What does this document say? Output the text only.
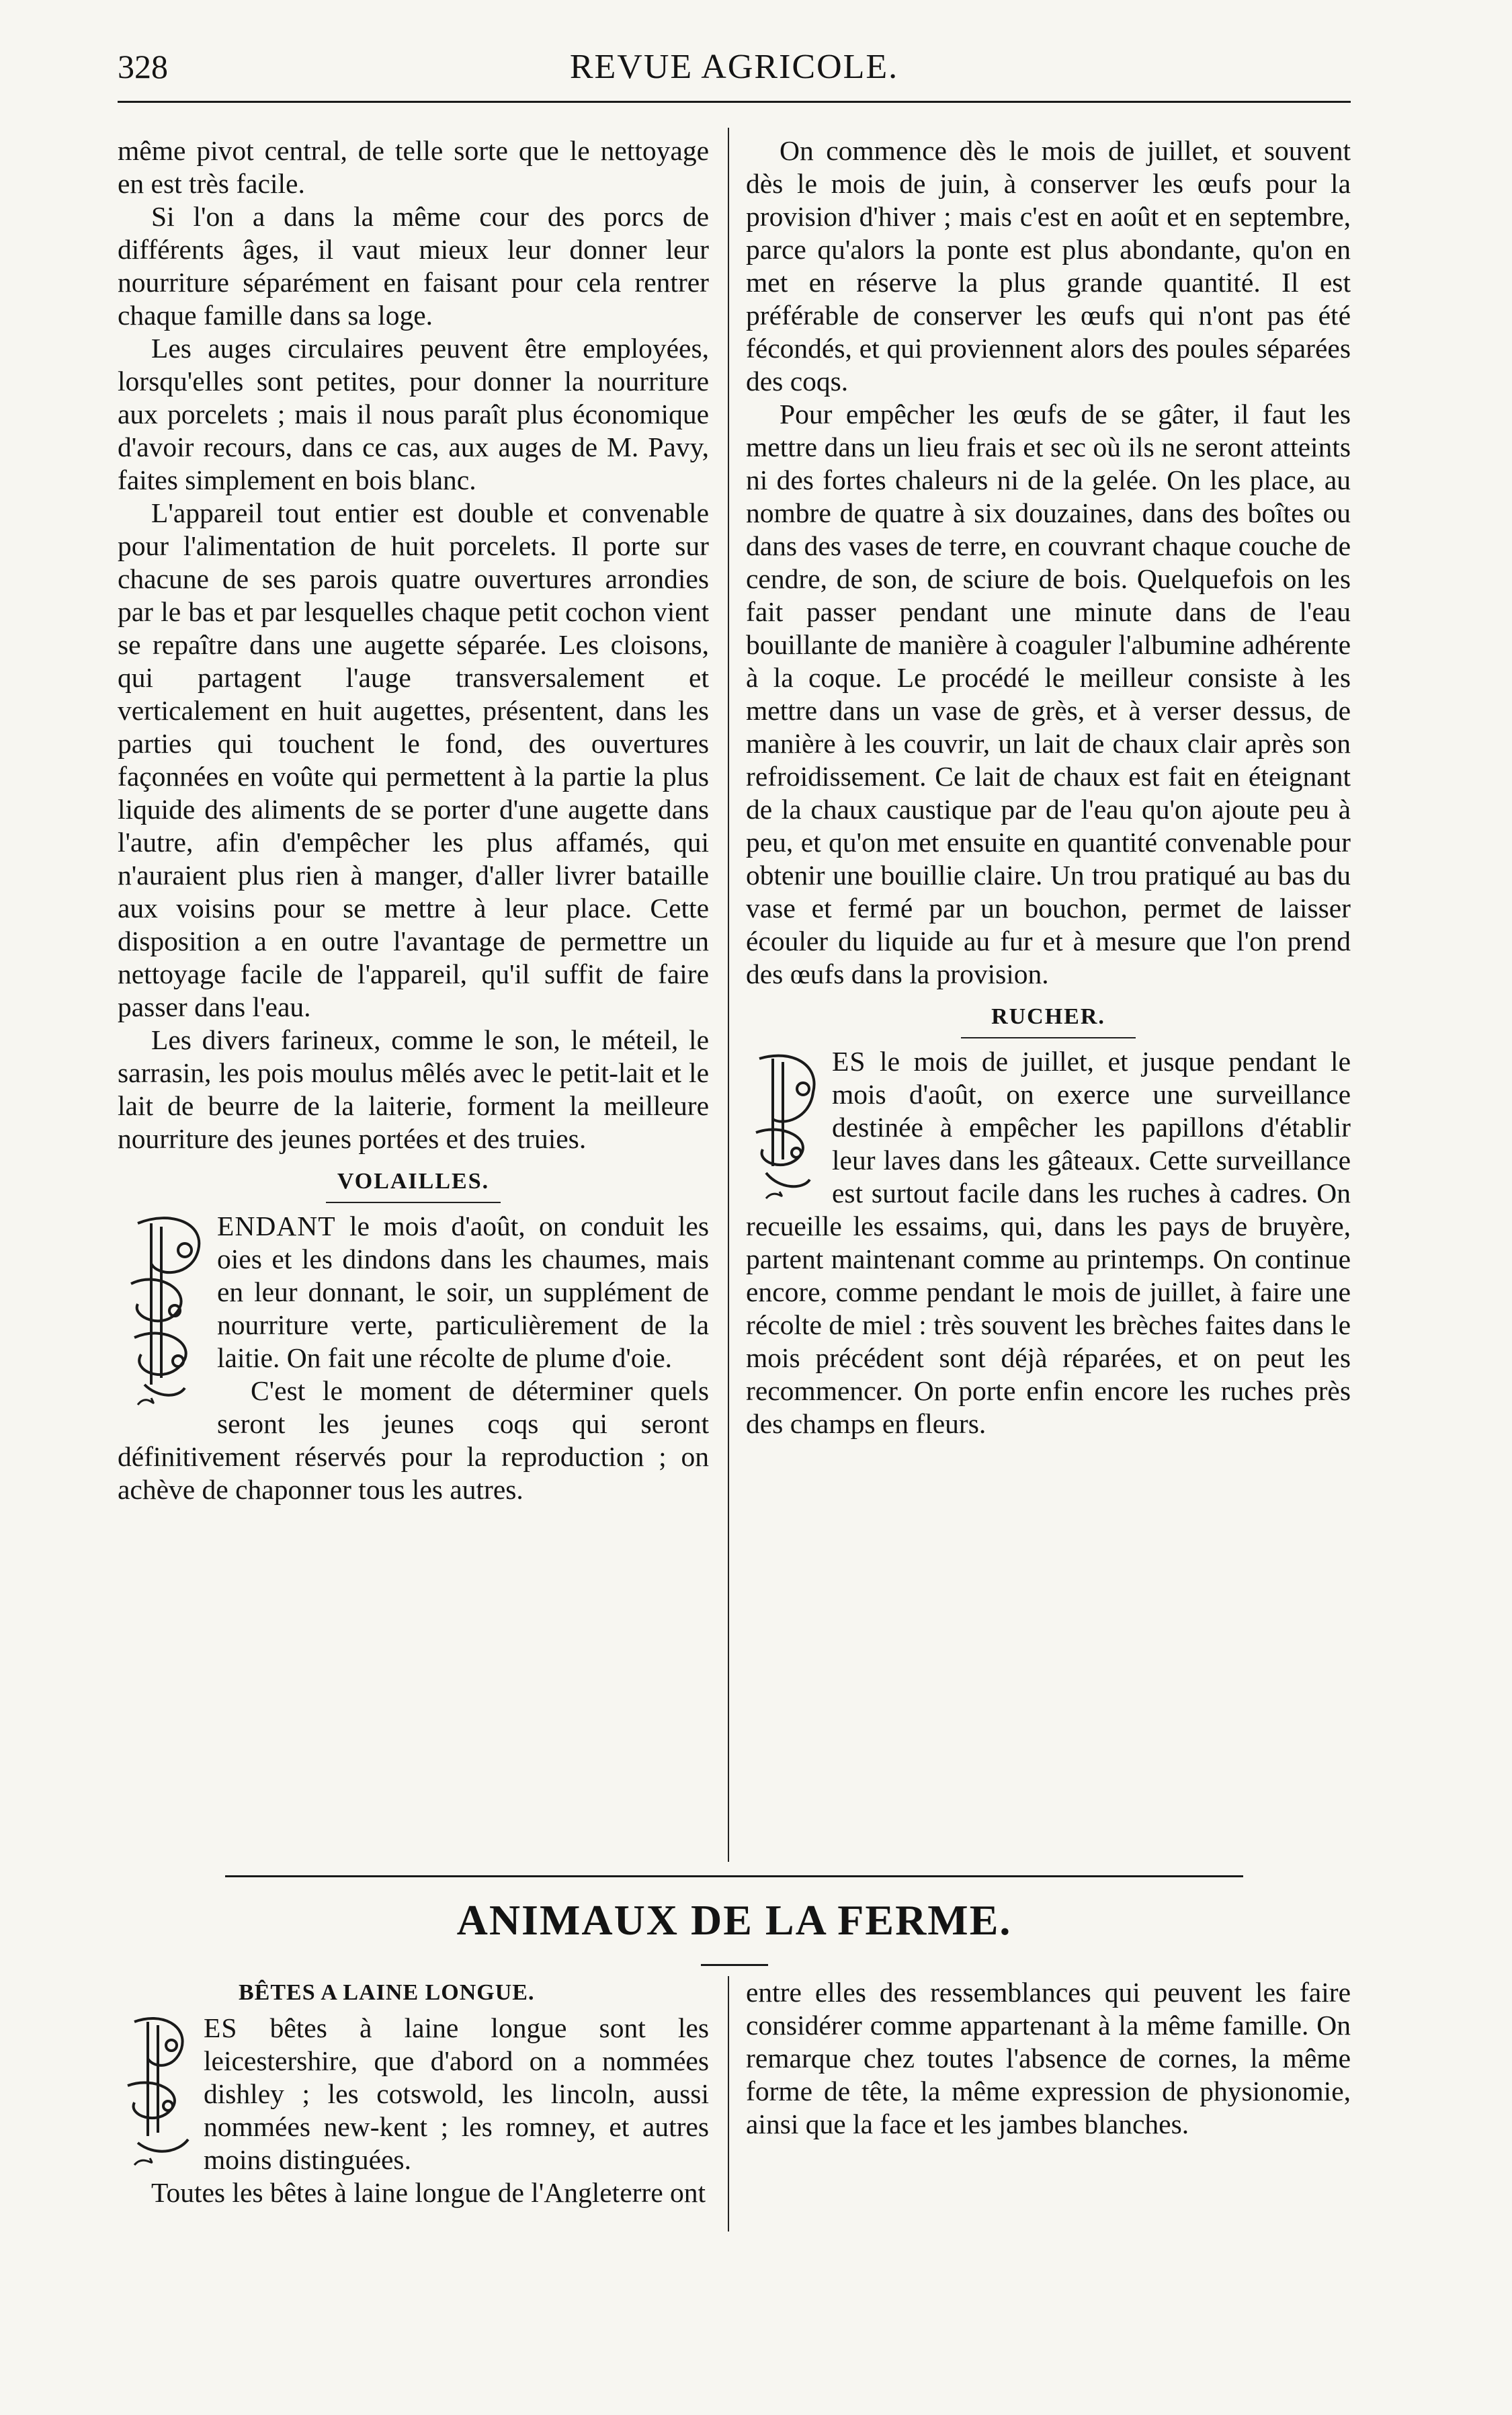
328	REVUE AGRICOLE.

même pivot central, de telle sorte que le nettoyage en est très facile.

Si l'on a dans la même cour des porcs de différents âges, il vaut mieux leur donner leur nourriture séparément en faisant pour cela rentrer chaque famille dans sa loge.

Les auges circulaires peuvent être employées, lorsqu'elles sont petites, pour donner la nourriture aux porcelets ; mais il nous paraît plus économique d'avoir recours, dans ce cas, aux auges de M. Pavy, faites simplement en bois blanc.

L'appareil tout entier est double et convenable pour l'alimentation de huit porcelets. Il porte sur chacune de ses parois quatre ouvertures arrondies par le bas et par lesquelles chaque petit cochon vient se repaître dans une augette séparée. Les cloisons, qui partagent l'auge transversalement et verticalement en huit augettes, présentent, dans les parties qui touchent le fond, des ouvertures façonnées en voûte qui permettent à la partie la plus liquide des aliments de se porter d'une augette dans l'autre, afin d'empêcher les plus affamés, qui n'auraient plus rien à manger, d'aller livrer bataille aux voisins pour se mettre à leur place. Cette disposition a en outre l'avantage de permettre un nettoyage facile de l'appareil, qu'il suffit de faire passer dans l'eau.

Les divers farineux, comme le son, le méteil, le sarrasin, les pois moulus mêlés avec le petit-lait et le lait de beurre de la laiterie, forment la meilleure nourriture des jeunes portées et des truies.

VOLAILLES.

ENDANT le mois d'août, on conduit les oies et les dindons dans les chaumes, mais en leur donnant, le soir, un supplément de nourriture verte, particulièrement de la laitie. On fait une récolte de plume d'oie.

C'est le moment de déterminer quels seront les jeunes coqs qui seront définitivement réservés pour la reproduction ; on achève de chaponner tous les autres.

On commence dès le mois de juillet, et souvent dès le mois de juin, à conserver les œufs pour la provision d'hiver ; mais c'est en août et en septembre, parce qu'alors la ponte est plus abondante, qu'on en met en réserve la plus grande quantité. Il est préférable de conserver les œufs qui n'ont pas été fécondés, et qui proviennent alors des poules séparées des coqs.

Pour empêcher les œufs de se gâter, il faut les mettre dans un lieu frais et sec où ils ne seront atteints ni des fortes chaleurs ni de la gelée. On les place, au nombre de quatre à six douzaines, dans des boîtes ou dans des vases de terre, en couvrant chaque couche de cendre, de son, de sciure de bois. Quelquefois on les fait passer pendant une minute dans de l'eau bouillante de manière à coaguler l'albumine adhérente à la coque. Le procédé le meilleur consiste à les mettre dans un vase de grès, et à verser dessus, de manière à les couvrir, un lait de chaux clair après son refroidissement. Ce lait de chaux est fait en éteignant de la chaux caustique par de l'eau qu'on ajoute peu à peu, et qu'on met ensuite en quantité convenable pour obtenir une bouillie claire. Un trou pratiqué au bas du vase et fermé par un bouchon, permet de laisser écouler du liquide au fur et à mesure que l'on prend des œufs dans la provision.

RUCHER.

ES le mois de juillet, et jusque pendant le mois d'août, on exerce une surveillance destinée à empêcher les papillons d'établir leur laves dans les gâteaux. Cette surveillance est surtout facile dans les ruches à cadres. On recueille les essaims, qui, dans les pays de bruyère, partent maintenant comme au printemps. On continue encore, comme pendant le mois de juillet, à faire une récolte de miel : très souvent les brèches faites dans le mois précédent sont déjà réparées, et on peut les recommencer. On porte enfin encore les ruches près des champs en fleurs.

ANIMAUX DE LA FERME.
BÊTES A LAINE LONGUE.

ES bêtes à laine longue sont les leicestershire, que d'abord on a nommées dishley ; les cotswold, les lincoln, aussi nommées new-kent ; les romney, et autres moins distinguées.

Toutes les bêtes à laine longue de l'Angleterre ont

entre elles des ressemblances qui peuvent les faire considérer comme appartenant à la même famille. On remarque chez toutes l'absence de cornes, la même forme de tête, la même expression de physionomie, ainsi que la face et les jambes blanches.
